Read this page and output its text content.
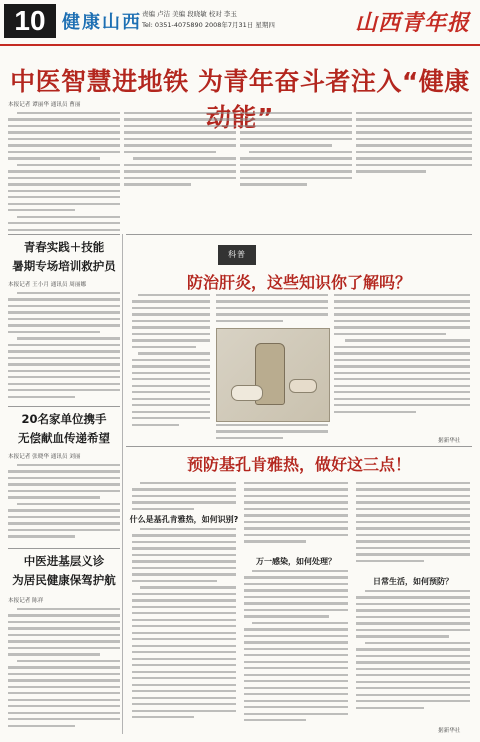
10 健康山西 责编 卢洁 美编 段晓敏 校对 李玉
Tel: 0351-4075890 2008年7月31日 星期四	山西青年报
中医智慧进地铁 为青年奋斗者注入“健康
本报记者 谭丽华 通讯员 曹丽
青春实践＋技能
暑期专场培训救护员
本报记者 王小月 通讯员 周丽娜
20名家单位携手
无偿献血传递希望
本报记者 张晓华 通讯员 刘丽
中医进基层义诊
为居民健康保驾护航
本报记者 陈祥
科普
防治肝炎，这些知识你了解吗？
据新华社
预防基孔肯雅热，做好这三点！
什么是基孔肯雅热，如何识别?
万一感染，如何处理？
日常生活，如何预防？
据新华社
